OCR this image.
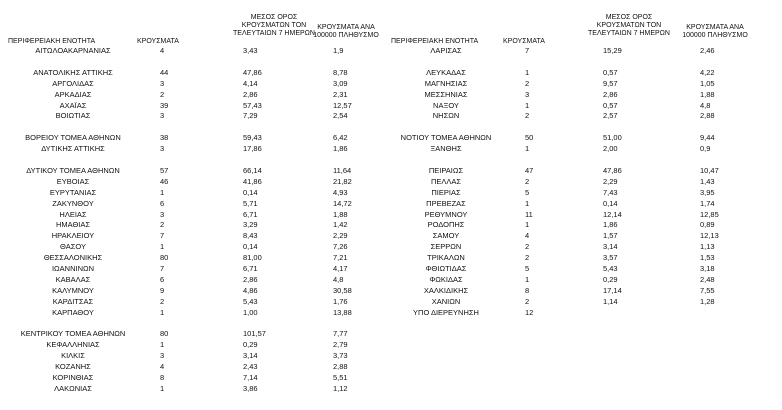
ΠΕΡΙΦΕΡΕΙΑΚΗ ΕΝΟΤΗΤΑ	ΚΡΟΥΣΜΑΤΑ
ΜΕΣΟΣ ΟΡΟΣ ΚΡΟΥΣΜΑΤΩΝ ΤΟΝ ΤΕΛΕΥΤΑΙΩΝ 7 ΗΜΕΡΩΝ
ΚΡΟΥΣΜΑΤΑ ΑΝΑ 100000 ΠΛΗΘΥΣΜΟ
ΑΙΤΩΛΟΑΚΑΡΝΑΝΙΑΣ	4	3,43	1,9
ΑΝΑΤΟΛΙΚΗΣ ΑΤΤΙΚΗΣ	44	47,86	8,78
ΑΡΓΟΛΙΔΑΣ	3	4,14	3,09
ΑΡΚΑΔΙΑΣ	2	2,86	2,31
ΑΧΑΪΑΣ	39	57,43	12,57
ΒΟΙΩΤΙΑΣ	3	7,29	2,54
ΒΟΡΕΙΟΥ ΤΟΜΕΑ ΑΘΗΝΩΝ	38	59,43	6,42
ΔΥΤΙΚΗΣ ΑΤΤΙΚΗΣ	3	17,86	1,86
ΔΥΤΙΚΟΥ ΤΟΜΕΑ ΑΘΗΝΩΝ	57	66,14	11,64
ΕΥΒΟΙΑΣ	46	41,86	21,82
ΕΥΡΥΤΑΝΙΑΣ	1	0,14	4,93
ΖΑΚΥΝΘΟΥ	6	5,71	14,72
ΗΛΕΙΑΣ	3	6,71	1,88
ΗΜΑΘΙΑΣ	2	3,29	1,42
ΗΡΑΚΛΕΙΟΥ	7	8,43	2,29
ΘΑΣΟΥ	1	0,14	7,26
ΘΕΣΣΑΛΟΝΙΚΗΣ	80	81,00	7,21
ΙΩΑΝΝΙΝΩΝ	7	6,71	4,17
ΚΑΒΑΛΑΣ	6	2,86	4,8
ΚΑΛΥΜΝΟΥ	9	4,86	30,58
ΚΑΡΔΙΤΣΑΣ	2	5,43	1,76
ΚΑΡΠΑΘΟΥ	1	1,00	13,88
ΚΕΝΤΡΙΚΟΥ ΤΟΜΕΑ ΑΘΗΝΩΝ	80	101,57	7,77
ΚΕΦΑΛΛΗΝΙΑΣ	1	0,29	2,79
ΚΙΛΚΙΣ	3	3,14	3,73
ΚΟΖΑΝΗΣ	4	2,43	2,88
ΚΟΡΙΝΘΙΑΣ	8	7,14	5,51
ΛΑΚΩΝΙΑΣ	1	3,86	1,12
ΠΕΡΙΦΕΡΕΙΑΚΗ ΕΝΟΤΗΤΑ	ΚΡΟΥΣΜΑΤΑ
ΜΕΣΟΣ ΟΡΟΣ ΚΡΟΥΣΜΑΤΩΝ ΤΟΝ ΤΕΛΕΥΤΑΙΩΝ 7 ΗΜΕΡΩΝ
ΚΡΟΥΣΜΑΤΑ ΑΝΑ 100000 ΠΛΗΘΥΣΜΟ
ΛΑΡΙΣΑΣ	7	15,29	2,46
ΛΕΥΚΑΔΑΣ	1	0,57	4,22
ΜΑΓΝΗΣΙΑΣ	2	9,57	1,05
ΜΕΣΣΗΝΙΑΣ	3	2,86	1,88
ΝΑΞΟΥ	1	0,57	4,8
ΝΗΣΩΝ	2	2,57	2,88
ΝΟΤΙΟΥ ΤΟΜΕΑ ΑΘΗΝΩΝ	50	51,00	9,44
ΞΑΝΘΗΣ	1	2,00	0,9
ΠΕΙΡΑΙΩΣ	47	47,86	10,47
ΠΕΛΛΑΣ	2	2,29	1,43
ΠΙΕΡΙΑΣ	5	7,43	3,95
ΠΡΕΒΕΖΑΣ	1	0,14	1,74
ΡΕΘΥΜΝΟΥ	11	12,14	12,85
ΡΟΔΟΠΗΣ	1	1,86	0,89
ΣΑΜΟΥ	4	1,57	12,13
ΣΕΡΡΩΝ	2	3,14	1,13
ΤΡΙΚΑΛΩΝ	2	3,57	1,53
ΦΘΙΩΤΙΔΑΣ	5	5,43	3,18
ΦΩΚΙΔΑΣ	1	0,29	2,48
ΧΑΛΚΙΔΙΚΗΣ	8	17,14	7,55
ΧΑΝΙΩΝ	2	1,14	1,28
ΥΠΟ ΔΙΕΡΕΥΝΗΣΗ	12
